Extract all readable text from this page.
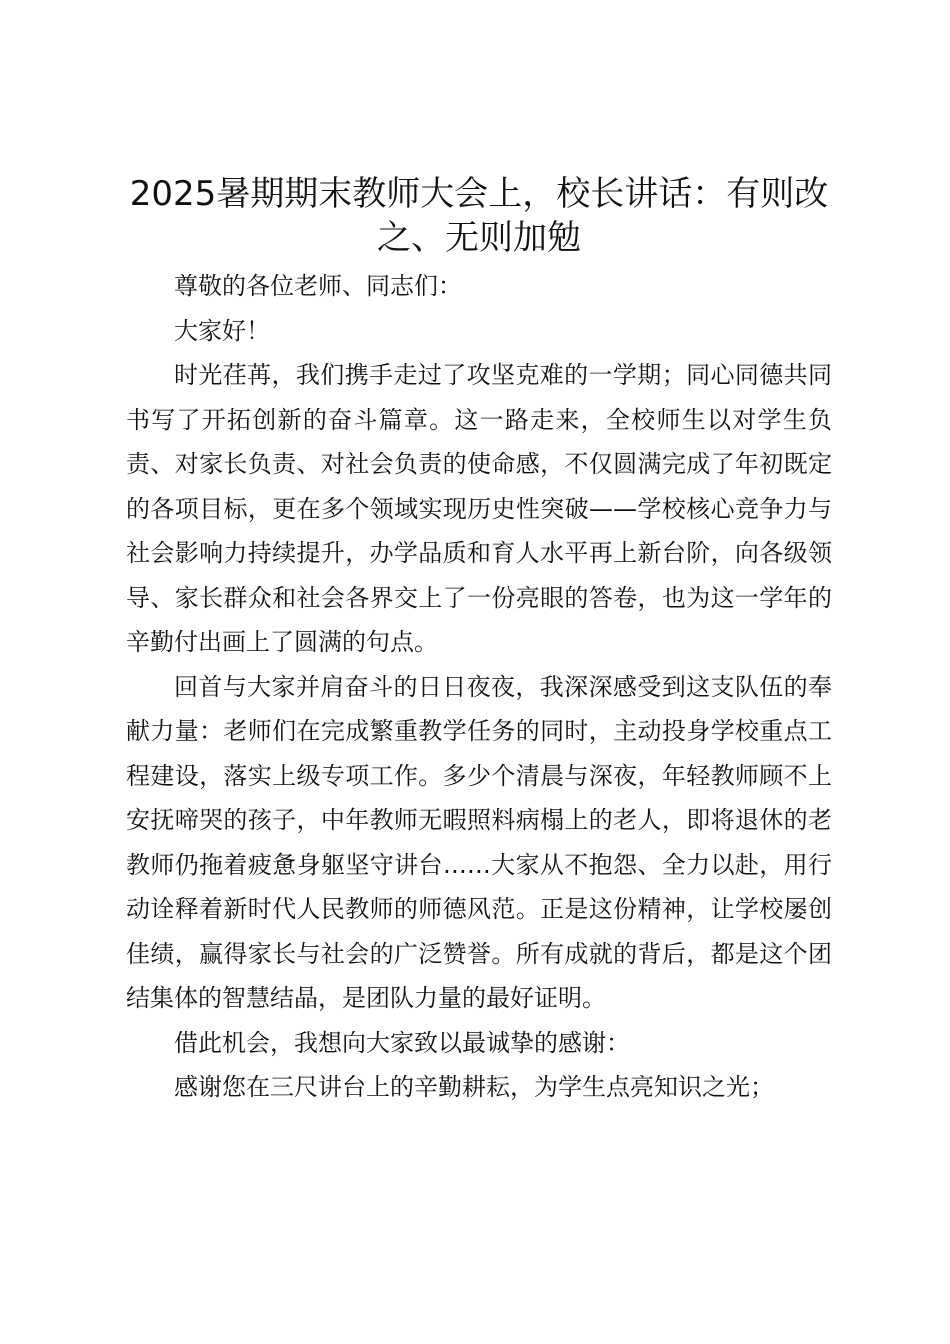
2025暑期期末教师大会上，校长讲话：有则改之、无则加勉

尊敬的各位老师、同志们：

大家好！

时光荏苒，我们携手走过了攻坚克难的一学期；同心同德共同书写了开拓创新的奋斗篇章。这一路走来，全校师生以对学生负责、对家长负责、对社会负责的使命感，不仅圆满完成了年初既定的各项目标，更在多个领域实现历史性突破——学校核心竞争力与社会影响力持续提升，办学品质和育人水平再上新台阶，向各级领导、家长群众和社会各界交上了一份亮眼的答卷，也为这一学年的辛勤付出画上了圆满的句点。

回首与大家并肩奋斗的日日夜夜，我深深感受到这支队伍的奉献力量：老师们在完成繁重教学任务的同时，主动投身学校重点工程建设，落实上级专项工作。多少个清晨与深夜，年轻教师顾不上安抚啼哭的孩子，中年教师无暇照料病榻上的老人，即将退休的老教师仍拖着疲惫身躯坚守讲台……大家从不抱怨、全力以赴，用行动诠释着新时代人民教师的师德风范。正是这份精神，让学校屡创佳绩，赢得家长与社会的广泛赞誉。所有成就的背后，都是这个团结集体的智慧结晶，是团队力量的最好证明。

借此机会，我想向大家致以最诚挚的感谢：

感谢您在三尺讲台上的辛勤耕耘，为学生点亮知识之光；
